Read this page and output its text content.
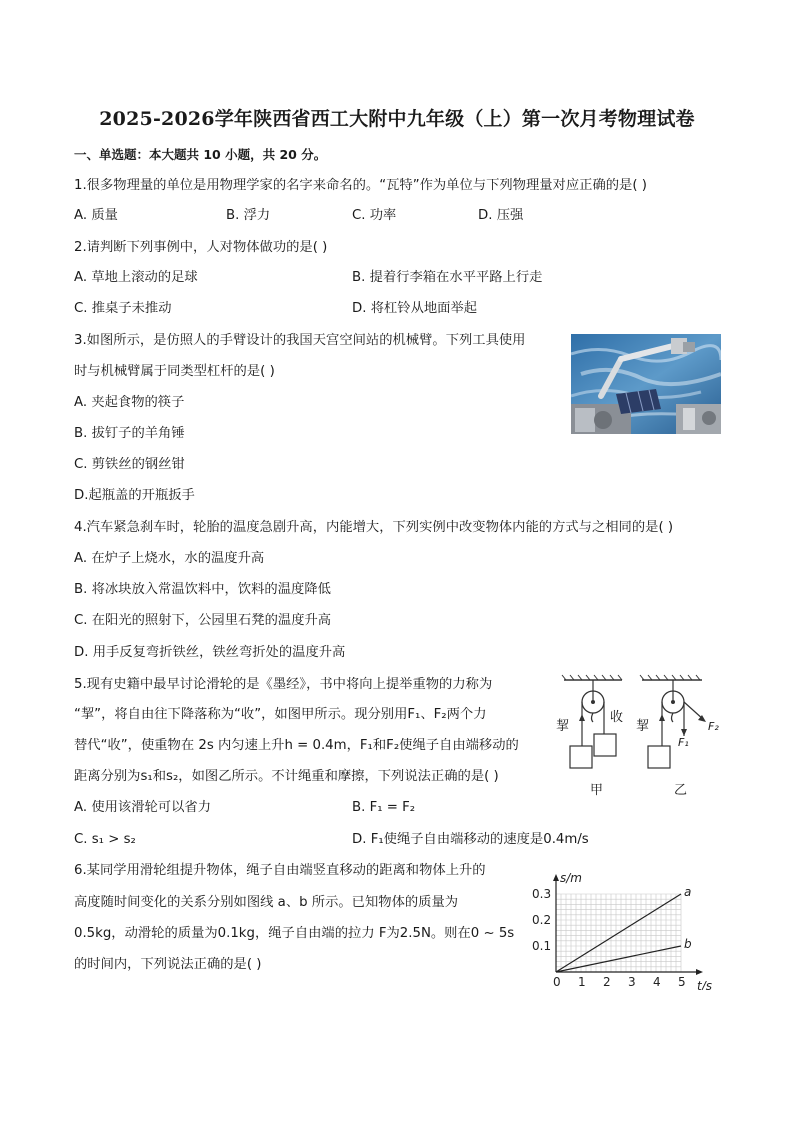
2025-2026学年陕西省西工大附中九年级（上）第一次月考物理试卷
一、单选题：本大题共 10 小题，共 20 分。
1.很多物理量的单位是用物理学家的名字来命名的。“瓦特”作为单位与下列物理量对应正确的是( )
A. 质量	B. 浮力	C. 功率	D. 压强
2.请判断下列事例中，人对物体做功的是( )
A. 草地上滚动的足球	B. 提着行李箱在水平平路上行走
C. 推桌子未推动	D. 将杠铃从地面举起
3.如图所示，是仿照人的手臂设计的我国天宫空间站的机械臂。下列工具使用
时与机械臂属于同类型杠杆的是( )
A. 夹起食物的筷子
B. 拔钉子的羊角锤
C. 剪铁丝的钢丝钳
D.起瓶盖的开瓶扳手
4.汽车紧急刹车时，轮胎的温度急剧升高，内能增大，下列实例中改变物体内能的方式与之相同的是( )
A. 在炉子上烧水，水的温度升高
B. 将冰块放入常温饮料中，饮料的温度降低
C. 在阳光的照射下，公园里石凳的温度升高
D. 用手反复弯折铁丝，铁丝弯折处的温度升高
5.现有史籍中最早讨论滑轮的是《墨经》，书中将向上提举重物的力称为
“挈”，将自由往下降落称为“收”，如图甲所示。现分别用F₁、F₂两个力
替代“收”，使重物在 2s 内匀速上升h = 0.4m，F₁和F₂使绳子自由端移动的
距离分别为s₁和s₂，如图乙所示。不计绳重和摩擦，下列说法正确的是( )
A. 使用该滑轮可以省力	B. F₁ = F₂
C. s₁ > s₂	D. F₁使绳子自由端移动的速度是0.4m/s
挈
收
甲
挈
F₁
F₂
乙
6.某同学用滑轮组提升物体，绳子自由端竖直移动的距离和物体上升的
高度随时间变化的关系分别如图线 a、b 所示。已知物体的质量为
0.5kg，动滑轮的质量为0.1kg，绳子自由端的拉力 F为2.5N。则在0 ~ 5s
的时间内，下列说法正确的是( )
0 1 2 3 4 5
0.1
0.2
0.3
s/m
t/s
a
b
